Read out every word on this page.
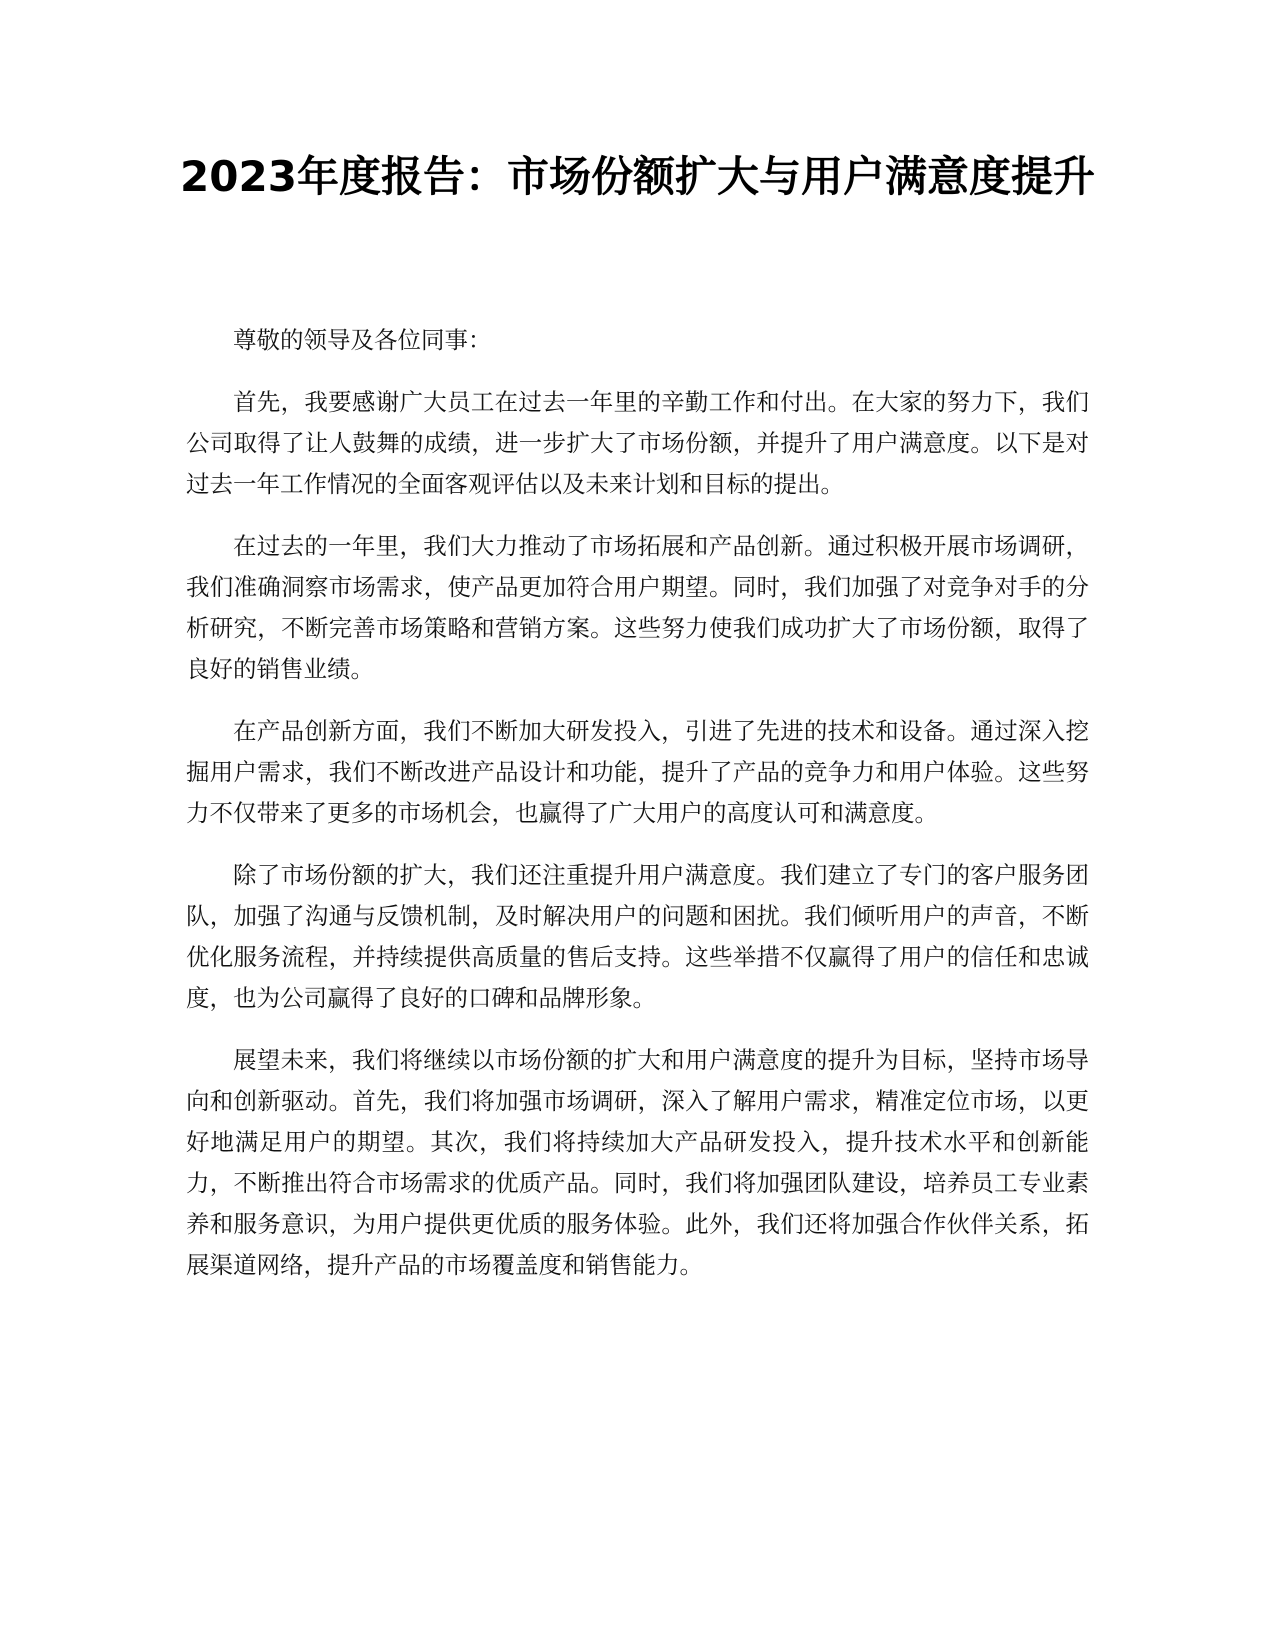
2023年度报告：市场份额扩大与用户满意度提升

尊敬的领导及各位同事：

首先，我要感谢广大员工在过去一年里的辛勤工作和付出。在大家的努力下，我们公司取得了让人鼓舞的成绩，进一步扩大了市场份额，并提升了用户满意度。以下是对过去一年工作情况的全面客观评估以及未来计划和目标的提出。

在过去的一年里，我们大力推动了市场拓展和产品创新。通过积极开展市场调研，我们准确洞察市场需求，使产品更加符合用户期望。同时，我们加强了对竞争对手的分析研究，不断完善市场策略和营销方案。这些努力使我们成功扩大了市场份额，取得了良好的销售业绩。

在产品创新方面，我们不断加大研发投入，引进了先进的技术和设备。通过深入挖掘用户需求，我们不断改进产品设计和功能，提升了产品的竞争力和用户体验。这些努力不仅带来了更多的市场机会，也赢得了广大用户的高度认可和满意度。

除了市场份额的扩大，我们还注重提升用户满意度。我们建立了专门的客户服务团队，加强了沟通与反馈机制，及时解决用户的问题和困扰。我们倾听用户的声音，不断优化服务流程，并持续提供高质量的售后支持。这些举措不仅赢得了用户的信任和忠诚度，也为公司赢得了良好的口碑和品牌形象。

展望未来，我们将继续以市场份额的扩大和用户满意度的提升为目标，坚持市场导向和创新驱动。首先，我们将加强市场调研，深入了解用户需求，精准定位市场，以更好地满足用户的期望。其次，我们将持续加大产品研发投入，提升技术水平和创新能力，不断推出符合市场需求的优质产品。同时，我们将加强团队建设，培养员工专业素养和服务意识，为用户提供更优质的服务体验。此外，我们还将加强合作伙伴关系，拓展渠道网络，提升产品的市场覆盖度和销售能力。
